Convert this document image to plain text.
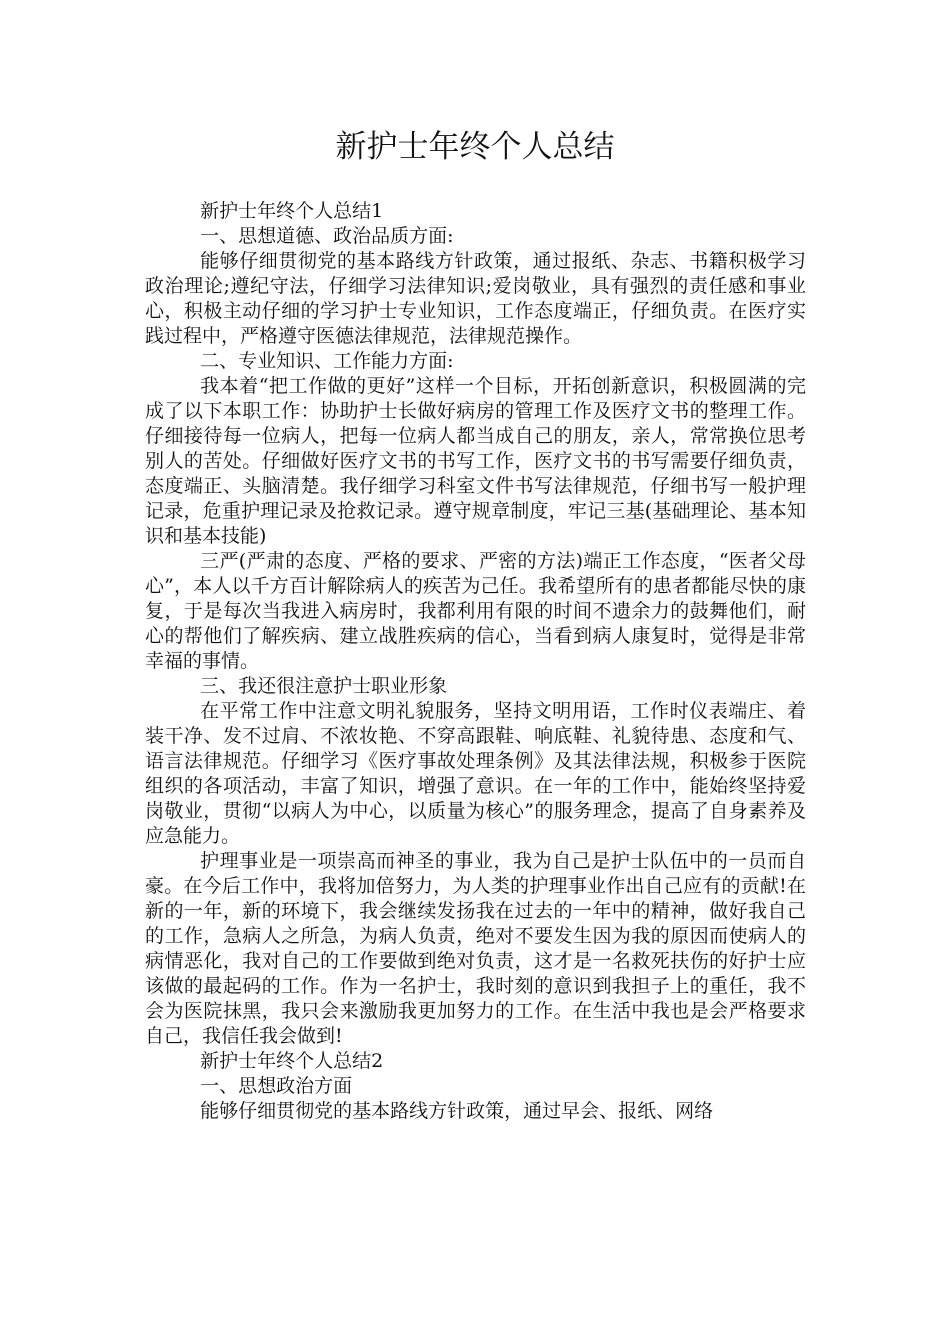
新护士年终个人总结

新护士年终个人总结1

一、思想道德、政治品质方面:

能够仔细贯彻党的基本路线方针政策，通过报纸、杂志、书籍积极学习政治理论;遵纪守法，仔细学习法律知识;爱岗敬业，具有强烈的责任感和事业心，积极主动仔细的学习护士专业知识，工作态度端正，仔细负责。在医疗实践过程中，严格遵守医德法律规范，法律规范操作。

二、专业知识、工作能力方面:

我本着“把工作做的更好”这样一个目标，开拓创新意识，积极圆满的完成了以下本职工作：协助护士长做好病房的管理工作及医疗文书的整理工作。仔细接待每一位病人，把每一位病人都当成自己的朋友，亲人，常常换位思考别人的苦处。仔细做好医疗文书的书写工作，医疗文书的书写需要仔细负责，态度端正、头脑清楚。我仔细学习科室文件书写法律规范，仔细书写一般护理记录，危重护理记录及抢救记录。遵守规章制度，牢记三基(基础理论、基本知识和基本技能)

三严(严肃的态度、严格的要求、严密的方法)端正工作态度，“医者父母心”，本人以千方百计解除病人的疾苦为己任。我希望所有的患者都能尽快的康复，于是每次当我进入病房时，我都利用有限的时间不遗余力的鼓舞他们，耐心的帮他们了解疾病、建立战胜疾病的信心，当看到病人康复时，觉得是非常幸福的事情。

三、我还很注意护士职业形象

在平常工作中注意文明礼貌服务，坚持文明用语，工作时仪表端庄、着装干净、发不过肩、不浓妆艳、不穿高跟鞋、响底鞋、礼貌待患、态度和气、语言法律规范。仔细学习《医疗事故处理条例》及其法律法规，积极参于医院组织的各项活动，丰富了知识，增强了意识。在一年的工作中，能始终坚持爱岗敬业，贯彻“以病人为中心，以质量为核心”的服务理念，提高了自身素养及应急能力。

护理事业是一项崇高而神圣的事业，我为自己是护士队伍中的一员而自豪。在今后工作中，我将加倍努力，为人类的护理事业作出自己应有的贡献!在新的一年，新的环境下，我会继续发扬我在过去的一年中的精神，做好我自己的工作，急病人之所急，为病人负责，绝对不要发生因为我的原因而使病人的病情恶化，我对自己的工作要做到绝对负责，这才是一名救死扶伤的好护士应该做的最起码的工作。作为一名护士，我时刻的意识到我担子上的重任，我不会为医院抹黑，我只会来激励我更加努力的工作。在生活中我也是会严格要求自己，我信任我会做到!

新护士年终个人总结2

一、思想政治方面

能够仔细贯彻党的基本路线方针政策，通过早会、报纸、网络
